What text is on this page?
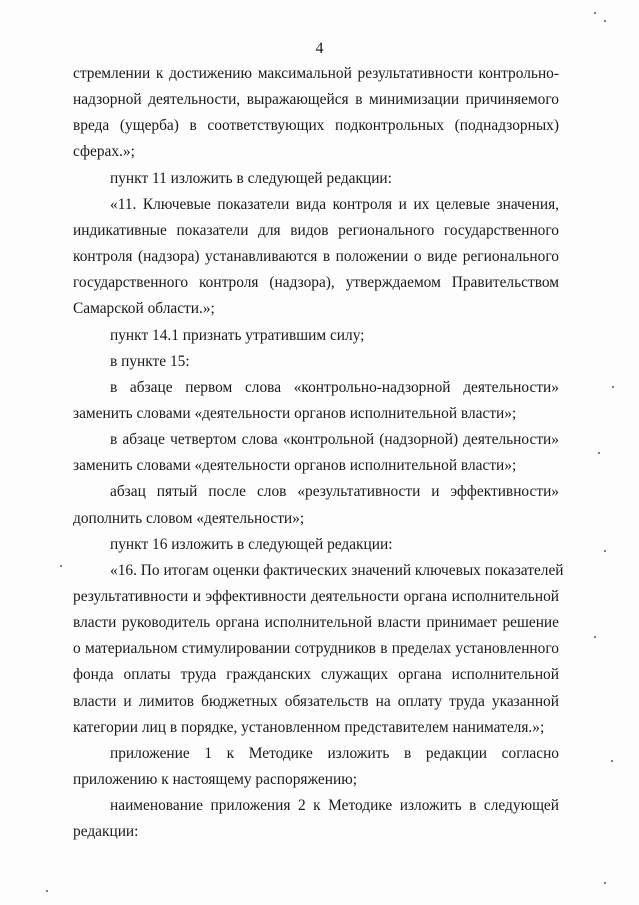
4
стремлении к достижению максимальной результативности контрольно-
надзорной деятельности, выражающейся в минимизации причиняемого
вреда (ущерба) в соответствующих подконтрольных (поднадзорных)
сферах.»;
пункт 11 изложить в следующей редакции:
«11. Ключевые показатели вида контроля и их целевые значения,
индикативные показатели для видов регионального государственного
контроля (надзора) устанавливаются в положении о виде регионального
государственного контроля (надзора), утверждаемом Правительством
Самарской области.»;
пункт 14.1 признать утратившим силу;
в пункте 15:
в абзаце первом слова «контрольно-надзорной деятельности»
заменить словами «деятельности органов исполнительной власти»;
в абзаце четвертом слова «контрольной (надзорной) деятельности»
заменить словами «деятельности органов исполнительной власти»;
абзац пятый после слов «результативности и эффективности»
дополнить словом «деятельности»;
пункт 16 изложить в следующей редакции:
«16. По итогам оценки фактических значений ключевых показателей
результативности и эффективности деятельности органа исполнительной
власти руководитель органа исполнительной власти принимает решение
о материальном стимулировании сотрудников в пределах установленного
фонда оплаты труда гражданских служащих органа исполнительной
власти и лимитов бюджетных обязательств на оплату труда указанной
категории лиц в порядке, установленном представителем нанимателя.»;
приложение 1 к Методике изложить в редакции согласно
приложению к настоящему распоряжению;
наименование приложения 2 к Методике изложить в следующей
редакции:
